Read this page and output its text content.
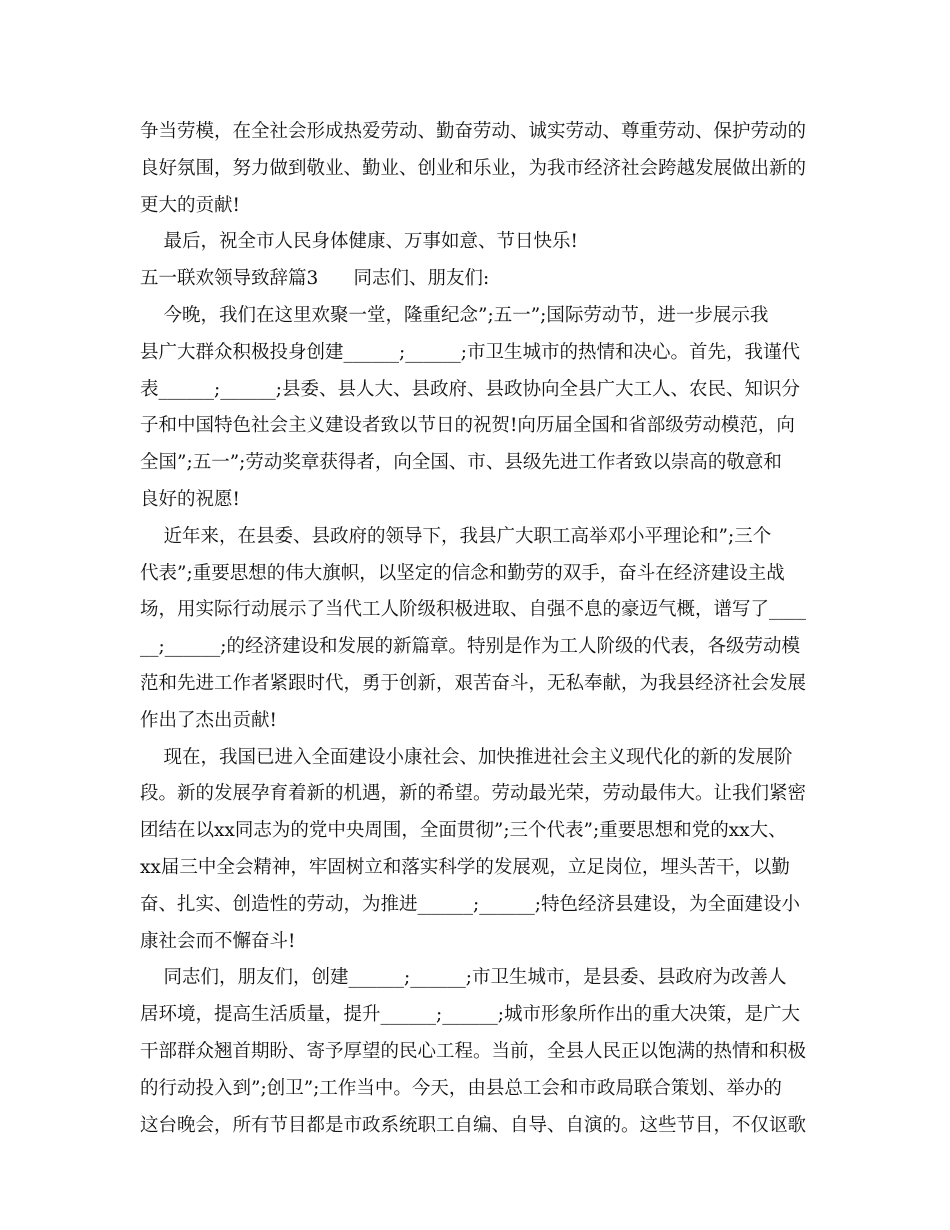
争当劳模，在全社会形成热爱劳动、勤奋劳动、诚实劳动、尊重劳动、保护劳动的
良好氛围，努力做到敬业、勤业、创业和乐业，为我市经济社会跨越发展做出新的
更大的贡献!
最后，祝全市人民身体健康、万事如意、节日快乐!
五一联欢领导致辞篇3      同志们、朋友们:
今晚，我们在这里欢聚一堂，隆重纪念”;五一”;国际劳动节，进一步展示我
县广大群众积极投身创建______;______;市卫生城市的热情和决心。首先，我谨代
表______;______;县委、县人大、县政府、县政协向全县广大工人、农民、知识分
子和中国特色社会主义建设者致以节日的祝贺!向历届全国和省部级劳动模范，向
全国”;五一”;劳动奖章获得者，向全国、市、县级先进工作者致以崇高的敬意和
良好的祝愿!
近年来，在县委、县政府的领导下，我县广大职工高举邓小平理论和”;三个
代表”;重要思想的伟大旗帜，以坚定的信念和勤劳的双手，奋斗在经济建设主战
场，用实际行动展示了当代工人阶级积极进取、自强不息的豪迈气概，谱写了____
__;______;的经济建设和发展的新篇章。特别是作为工人阶级的代表，各级劳动模
范和先进工作者紧跟时代，勇于创新，艰苦奋斗，无私奉献，为我县经济社会发展
作出了杰出贡献!
现在，我国已进入全面建设小康社会、加快推进社会主义现代化的新的发展阶
段。新的发展孕育着新的机遇，新的希望。劳动最光荣，劳动最伟大。让我们紧密
团结在以xx同志为的党中央周围，全面贯彻”;三个代表”;重要思想和党的xx大、
xx届三中全会精神，牢固树立和落实科学的发展观，立足岗位，埋头苦干，以勤
奋、扎实、创造性的劳动，为推进______;______;特色经济县建设，为全面建设小
康社会而不懈奋斗!
同志们，朋友们，创建______;______;市卫生城市，是县委、县政府为改善人
居环境，提高生活质量，提升______;______;城市形象所作出的重大决策，是广大
干部群众翘首期盼、寄予厚望的民心工程。当前，全县人民正以饱满的热情和积极
的行动投入到”;创卫”;工作当中。今天，由县总工会和市政局联合策划、举办的
这台晚会，所有节目都是市政系统职工自编、自导、自演的。这些节目，不仅讴歌
